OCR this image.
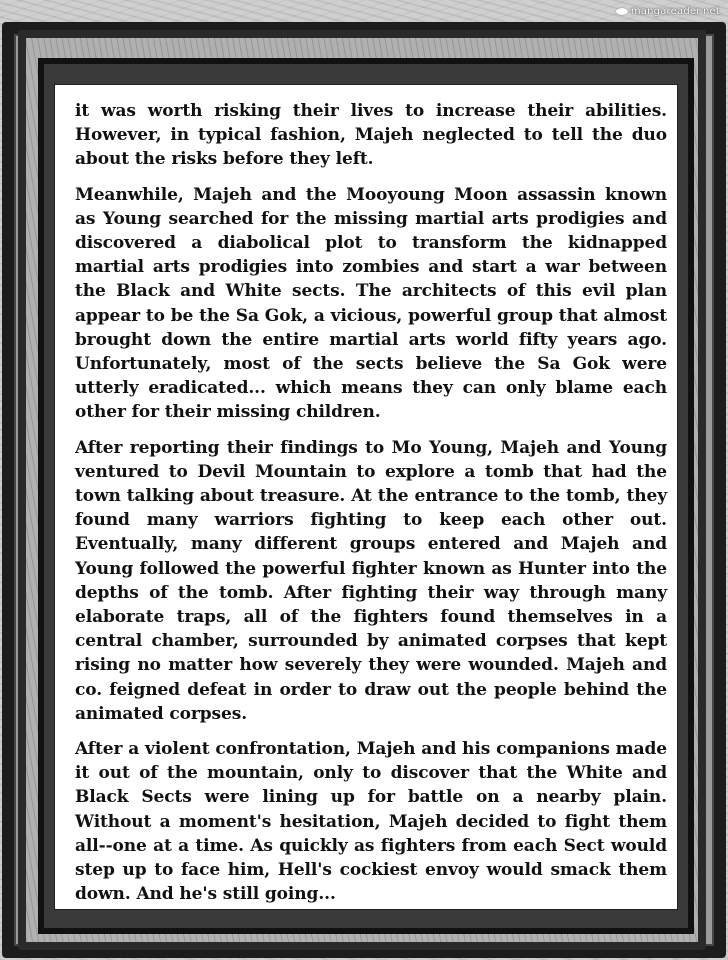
mangareader.net

it was worth risking their lives to increase their abilities. However, in typical fashion, Majeh neglected to tell the duo about the risks before they left.

Meanwhile, Majeh and the Mooyoung Moon assassin known as Young searched for the missing martial arts prodigies and discovered a diabolical plot to transform the kidnapped martial arts prodigies into zombies and start a war between the Black and White sects. The architects of this evil plan appear to be the Sa Gok, a vicious, powerful group that almost brought down the entire martial arts world fifty years ago. Unfortunately, most of the sects believe the Sa Gok were utterly eradicated... which means they can only blame each other for their missing children.

After reporting their findings to Mo Young, Majeh and Young ventured to Devil Mountain to explore a tomb that had the town talking about treasure. At the entrance to the tomb, they found many warriors fighting to keep each other out. Eventually, many different groups entered and Majeh and Young followed the powerful fighter known as Hunter into the depths of the tomb. After fighting their way through many elaborate traps, all of the fighters found themselves in a central chamber, surrounded by animated corpses that kept rising no matter how severely they were wounded. Majeh and co. feigned defeat in order to draw out the people behind the animated corpses.

After a violent confrontation, Majeh and his companions made it out of the mountain, only to discover that the White and Black Sects were lining up for battle on a nearby plain. Without a moment's hesitation, Majeh decided to fight them all--one at a time. As quickly as fighters from each Sect would step up to face him, Hell's cockiest envoy would smack them down. And he's still going...
